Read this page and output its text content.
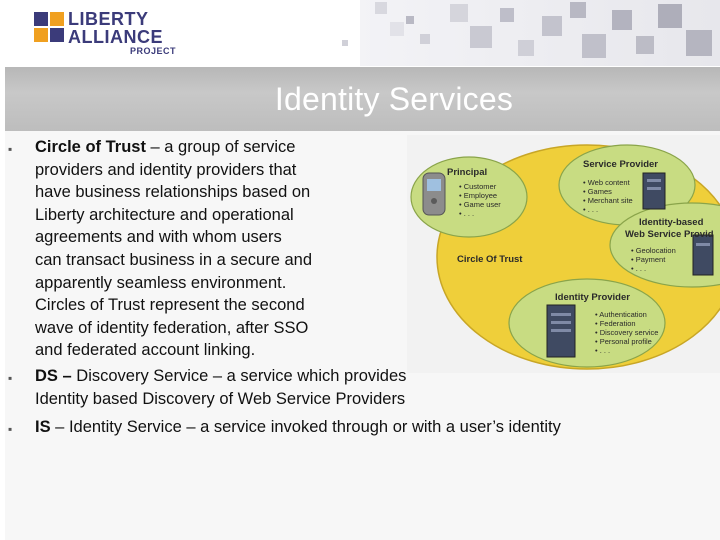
LIBERTY
ALLIANCE
PROJECT
Identity Services
▪ Circle of Trust – a group of service
providers and identity providers that
have business relationships based on
Liberty architecture and operational
agreements and with whom users
can transact business in a secure and
apparently seamless environment.
Circles of Trust represent the second
wave of identity federation, after SSO
and federated account linking.
▪ DS – Discovery Service – a service which provides
Identity based Discovery of Web Service Providers
▪ IS – Identity Service – a service invoked through or with a user’s identity
Principal
• Customer
• Employee
• Game user
• . . .
Service Provider
• Web content
• Games
• Merchant site
• . . .
Identity-based
Web Service Provid
• Geolocation
• Payment
• . . .
Circle Of Trust
Identity Provider
• Authentication
• Federation
• Discovery service
• Personal profile
• . . .
